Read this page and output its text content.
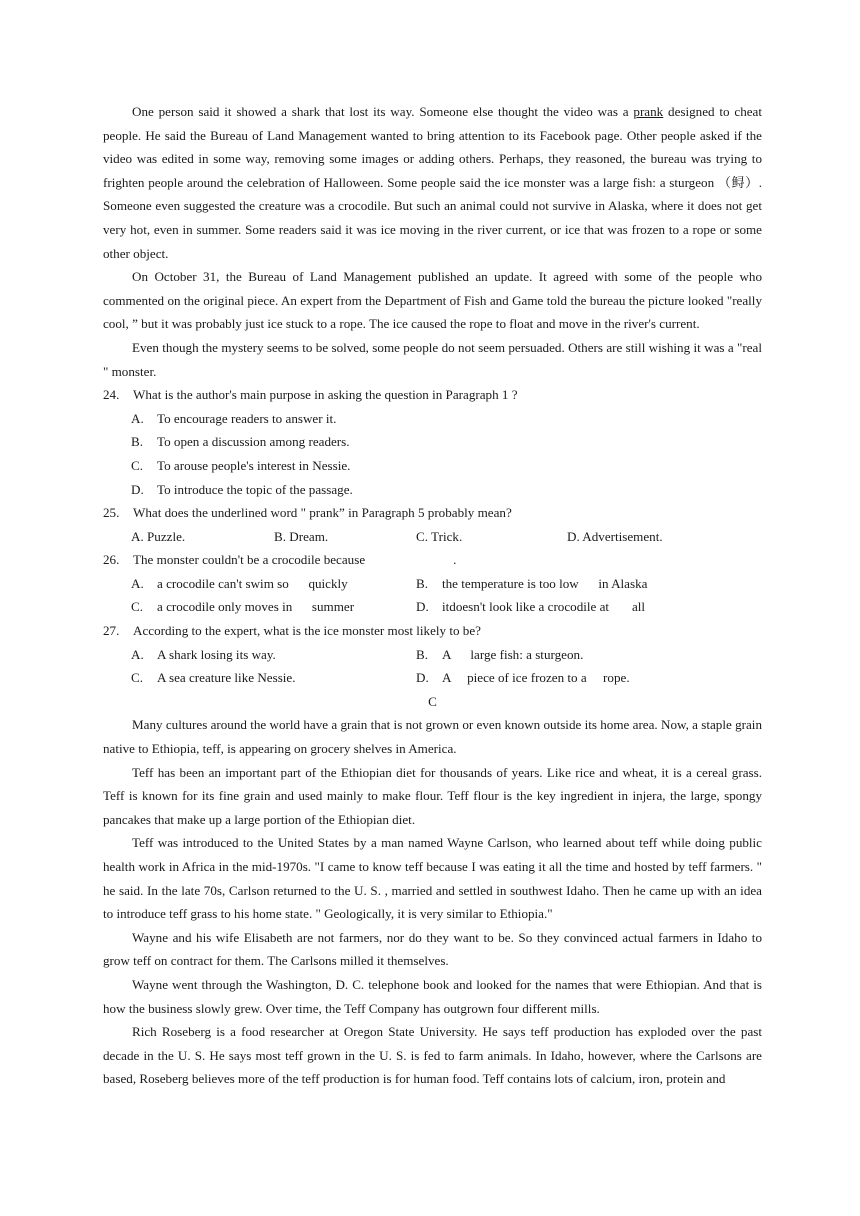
One person said it showed a shark that lost its way. Someone else thought the video was a prank designed to cheat people. He said the Bureau of Land Management wanted to bring attention to its Facebook page. Other people asked if the video was edited in some way, removing some images or adding others. Perhaps, they reasoned, the bureau was trying to frighten people around the celebration of Halloween. Some people said the ice monster was a large fish: a sturgeon （鲟）. Someone even suggested the creature was a crocodile. But such an animal could not survive in Alaska, where it does not get very hot, even in summer. Some readers said it was ice moving in the river current, or ice that was frozen to a rope or some other object.

On October 31, the Bureau of Land Management published an update. It agreed with some of the people who commented on the original piece. An expert from the Department of Fish and Game told the bureau the picture looked "really cool, ” but it was probably just ice stuck to a rope. The ice caused the rope to float and move in the river's current.

Even though the mystery seems to be solved, some people do not seem persuaded. Others are still wishing it was a "real " monster.

24.	What is the author's main purpose in asking the question in Paragraph 1 ?
A.	To encourage readers to answer it.
B.	To open a discussion among readers.
C.	To arouse people's interest in Nessie.
D.	To introduce the topic of the passage.
25.	What does the underlined word " prank” in Paragraph 5 probably mean?
A. Puzzle.	B. Dream.	C. Trick.	D. Advertisement.
26.	The monster couldn't be a crocodile because	.
A.	a crocodile can't swim so      quickly	B.	the temperature is too low      in Alaska
C.	a crocodile only moves in      summer	D.	itdoesn't look like a crocodile at       all
27.	According to the expert, what is the ice monster most likely to be?
A.	A shark losing its way.	B.	A      large fish: a sturgeon.
C.	A sea creature like Nessie.	D.	A     piece of ice frozen to a     rope.
C

Many cultures around the world have a grain that is not grown or even known outside its home area. Now, a staple grain native to Ethiopia, teff, is appearing on grocery shelves in America.

Teff has been an important part of the Ethiopian diet for thousands of years. Like rice and wheat, it is a cereal grass. Teff is known for its fine grain and used mainly to make flour. Teff flour is the key ingredient in injera, the large, spongy pancakes that make up a large portion of the Ethiopian diet.

Teff was introduced to the United States by a man named Wayne Carlson, who learned about teff while doing public health work in Africa in the mid-1970s. "I came to know teff because I was eating it all the time and hosted by teff farmers. " he said. In the late 70s, Carlson returned to the U. S. , married and settled in southwest Idaho. Then he came up with an idea to introduce teff grass to his home state. " Geologically, it is very similar to Ethiopia."

Wayne and his wife Elisabeth are not farmers, nor do they want to be. So they convinced actual farmers in Idaho to grow teff on contract for them. The Carlsons milled it themselves.

Wayne went through the Washington, D. C. telephone book and looked for the names that were Ethiopian. And that is how the business slowly grew. Over time, the Teff Company has outgrown four different mills.

Rich Roseberg is a food researcher at Oregon State University. He says teff production has exploded over the past decade in the U. S. He says most teff grown in the U. S. is fed to farm animals. In Idaho, however, where the Carlsons are based, Roseberg believes more of the teff production is for human food. Teff contains lots of calcium, iron, protein and
